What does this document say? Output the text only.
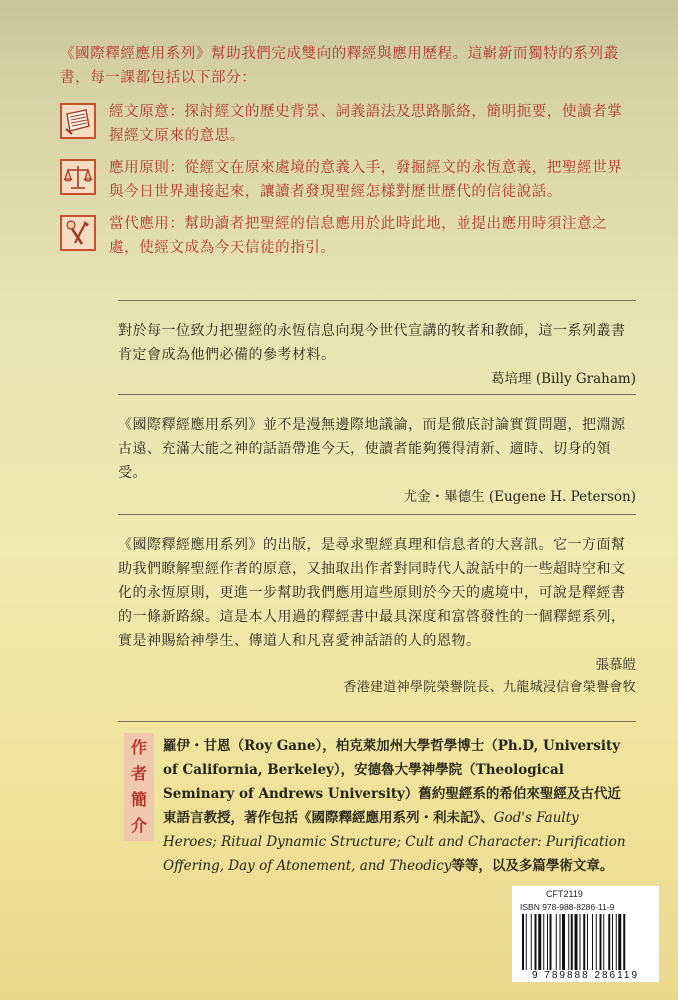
《國際釋經應用系列》幫助我們完成雙向的釋經與應用歷程。這嶄新而獨特的系列叢書，每一課都包括以下部分：

經文原意：探討經文的歷史背景、詞義語法及思路脈絡，簡明扼要，使讀者掌握經文原來的意思。

應用原則：從經文在原來處境的意義入手，發掘經文的永恆意義，把聖經世界與今日世界連接起來，讓讀者發現聖經怎樣對歷世歷代的信徒說話。

當代應用：幫助讀者把聖經的信息應用於此時此地，並提出應用時須注意之處，使經文成為今天信徒的指引。

對於每一位致力把聖經的永恆信息向現今世代宣講的牧者和教師，這一系列叢書肯定會成為他們必備的參考材料。

葛培理 (Billy Graham)

《國際釋經應用系列》並不是漫無邊際地議論，而是徹底討論實質問題，把淵源古遠、充滿大能之神的話語帶進今天，使讀者能夠獲得清新、適時、切身的領受。

尤金・畢德生 (Eugene H. Peterson)

《國際釋經應用系列》的出版，是尋求聖經真理和信息者的大喜訊。它一方面幫助我們瞭解聖經作者的原意，又抽取出作者對同時代人說話中的一些超時空和文化的永恆原則，更進一步幫助我們應用這些原則於今天的處境中，可說是釋經書的一條新路線。這是本人用過的釋經書中最具深度和富啓發性的一個釋經系列，實是神賜給神學生、傳道人和凡喜愛神話語的人的恩物。

張慕皚
香港建道神學院榮譽院長、九龍城浸信會榮譽會牧
作者簡介

羅伊・甘恩（Roy Gane），柏克萊加州大學哲學博士（Ph.D, University of California, Berkeley），安德魯大學神學院（Theological Seminary of Andrews University）舊約聖經系的希伯來聖經及古代近東語言教授，著作包括《國際釋經應用系列・利未記》、God's Faulty Heroes; Ritual Dynamic Structure; Cult and Character: Purification Offering, Day of Atonement, and Theodicy等等，以及多篇學術文章。

CFT2119
ISBN 978-988-8286-11-9
9 789888 286119
